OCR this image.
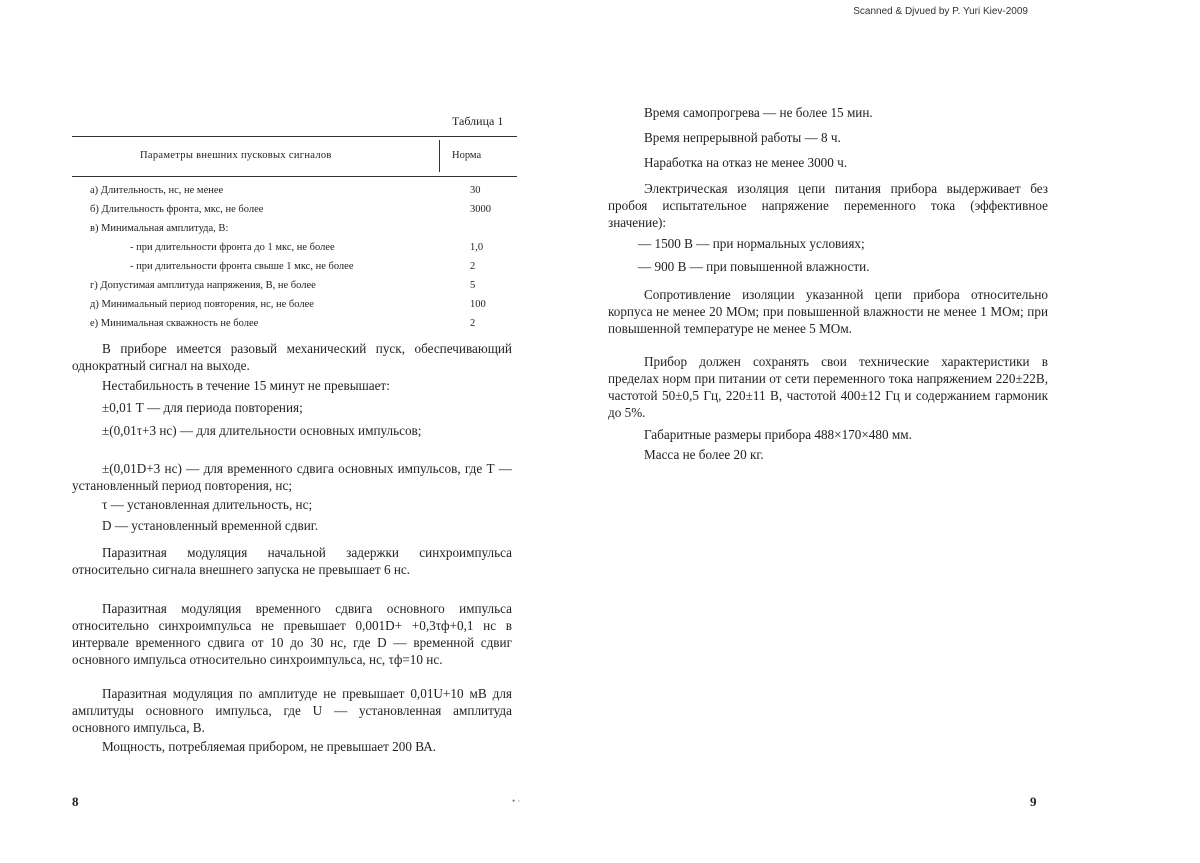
Scanned & Djvued by P. Yuri Kiev-2009
Таблица 1
Параметры внешних пусковых сигналов	Норма
а) Длительность, нс, не менее	30
б) Длительность фронта, мкс, не более	3000
в) Минимальная амплитуда, В:
- при длительности фронта до 1 мкс, не более	1,0
- при длительности фронта свыше 1 мкс, не более	2
г) Допустимая амплитуда напряжения, В, не более	5
д) Минимальный период повторения, нс, не более	100
е) Минимальная скважность не более	2
В приборе имеется разовый механический пуск, обеспечивающий однократный сигнал на выходе.
Нестабильность в течение 15 минут не превышает:
±0,01 Т — для периода повторения;
±(0,01τ+3 нс) — для длительности основных импульсов;
±(0,01D+3 нс) — для временного сдвига основных импульсов, где Т — установленный период повторения, нс;
τ — установленная длительность, нс;
D — установленный временной сдвиг.
Паразитная модуляция начальной задержки синхроимпульса относительно сигнала внешнего запуска не превышает 6 нс.
Паразитная модуляция временного сдвига основного импульса относительно синхроимпульса не превышает 0,001D+ +0,3τф+0,1 нс в интервале временного сдвига от 10 до 30 нс, где D — временной сдвиг основного импульса относительно синхроимпульса, нс, τф=10 нс.
Паразитная модуляция по амплитуде не превышает 0,01U+10 мВ для амплитуды основного импульса, где U — установленная амплитуда основного импульса, В.
Мощность, потребляемая прибором, не превышает 200 ВА.
8	• ·
Время самопрогрева — не более 15 мин.
Время непрерывной работы — 8 ч.
Наработка на отказ не менее 3000 ч.
Электрическая изоляция цепи питания прибора выдерживает без пробоя испытательное напряжение переменного тока (эффективное значение):
— 1500 В — при нормальных условиях;
— 900 В — при повышенной влажности.
Сопротивление изоляции указанной цепи прибора относительно корпуса не менее 20 МОм; при повышенной влажности не менее 1 МОм; при повышенной температуре не менее 5 МОм.
Прибор должен сохранять свои технические характеристики в пределах норм при питании от сети переменного тока напряжением 220±22В, частотой 50±0,5 Гц, 220±11 В, частотой 400±12 Гц и содержанием гармоник до 5%.
Габаритные размеры прибора 488×170×480 мм.
Масса не более 20 кг.
9
